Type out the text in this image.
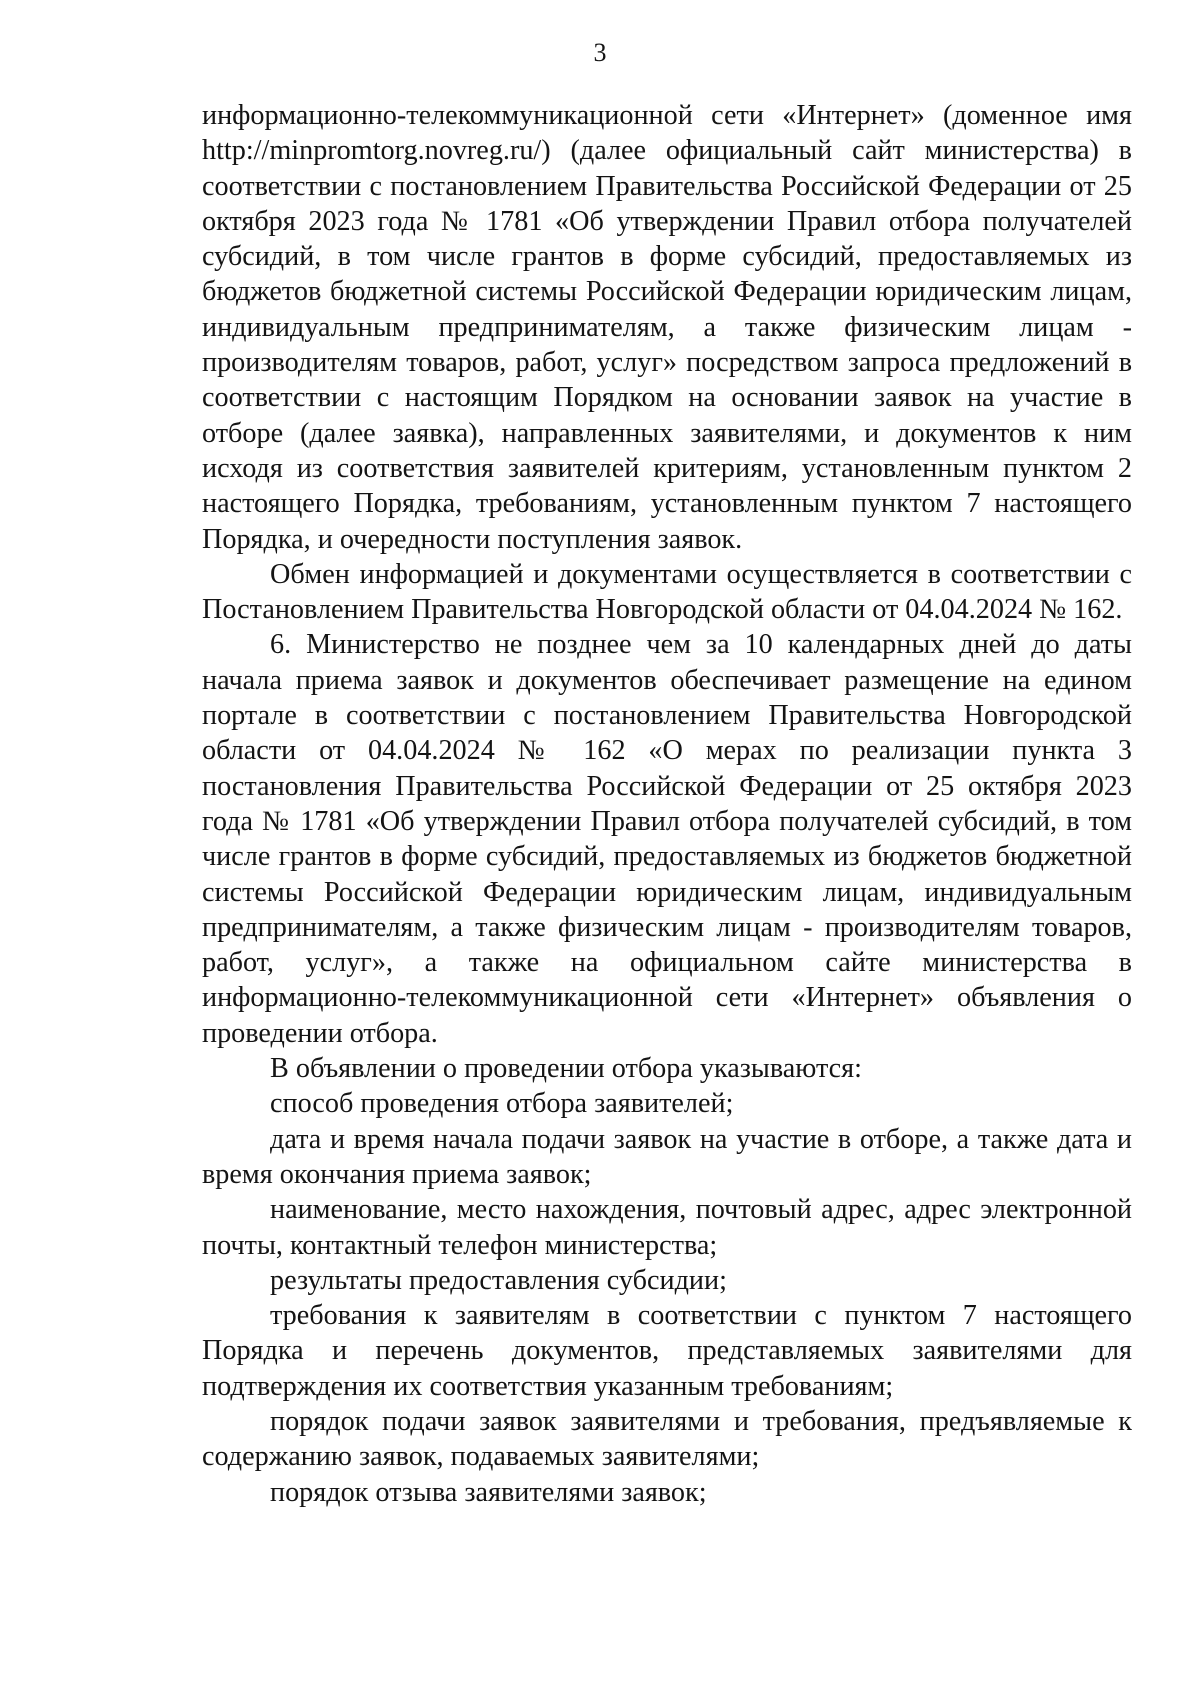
3

информационно-телекоммуникационной сети «Интернет» (доменное имя http://minpromtorg.novreg.ru/) (далее официальный сайт министерства) в соответствии с постановлением Правительства Российской Федерации от 25 октября 2023 года № 1781 «Об утверждении Правил отбора получателей субсидий, в том числе грантов в форме субсидий, предоставляемых из бюджетов бюджетной системы Российской Федерации юридическим лицам, индивидуальным предпринимателям, а также физическим лицам - производителям товаров, работ, услуг» посредством запроса предложений в соответствии с настоящим Порядком на основании заявок на участие в отборе (далее заявка), направленных заявителями, и документов к ним исходя из соответствия заявителей критериям, установленным пунктом 2 настоящего Порядка, требованиям, установленным пунктом 7 настоящего Порядка, и очередности поступления заявок.

Обмен информацией и документами осуществляется в соответствии с Постановлением Правительства Новгородской области от 04.04.2024 № 162.

6. Министерство не позднее чем за 10 календарных дней до даты начала приема заявок и документов обеспечивает размещение на едином портале в соответствии с постановлением Правительства Новгородской области от 04.04.2024 № 162 «О мерах по реализации пункта 3 постановления Правительства Российской Федерации от 25 октября 2023 года № 1781 «Об утверждении Правил отбора получателей субсидий, в том числе грантов в форме субсидий, предоставляемых из бюджетов бюджетной системы Российской Федерации юридическим лицам, индивидуальным предпринимателям, а также физическим лицам - производителям товаров, работ, услуг», а также на официальном сайте министерства в информационно-телекоммуникационной сети «Интернет» объявления о проведении отбора.

В объявлении о проведении отбора указываются:

способ проведения отбора заявителей;

дата и время начала подачи заявок на участие в отборе, а также дата и время окончания приема заявок;

наименование, место нахождения, почтовый адрес, адрес электронной почты, контактный телефон министерства;

результаты предоставления субсидии;

требования к заявителям в соответствии с пунктом 7 настоящего Порядка и перечень документов, представляемых заявителями для подтверждения их соответствия указанным требованиям;

порядок подачи заявок заявителями и требования, предъявляемые к содержанию заявок, подаваемых заявителями;

порядок отзыва заявителями заявок;
